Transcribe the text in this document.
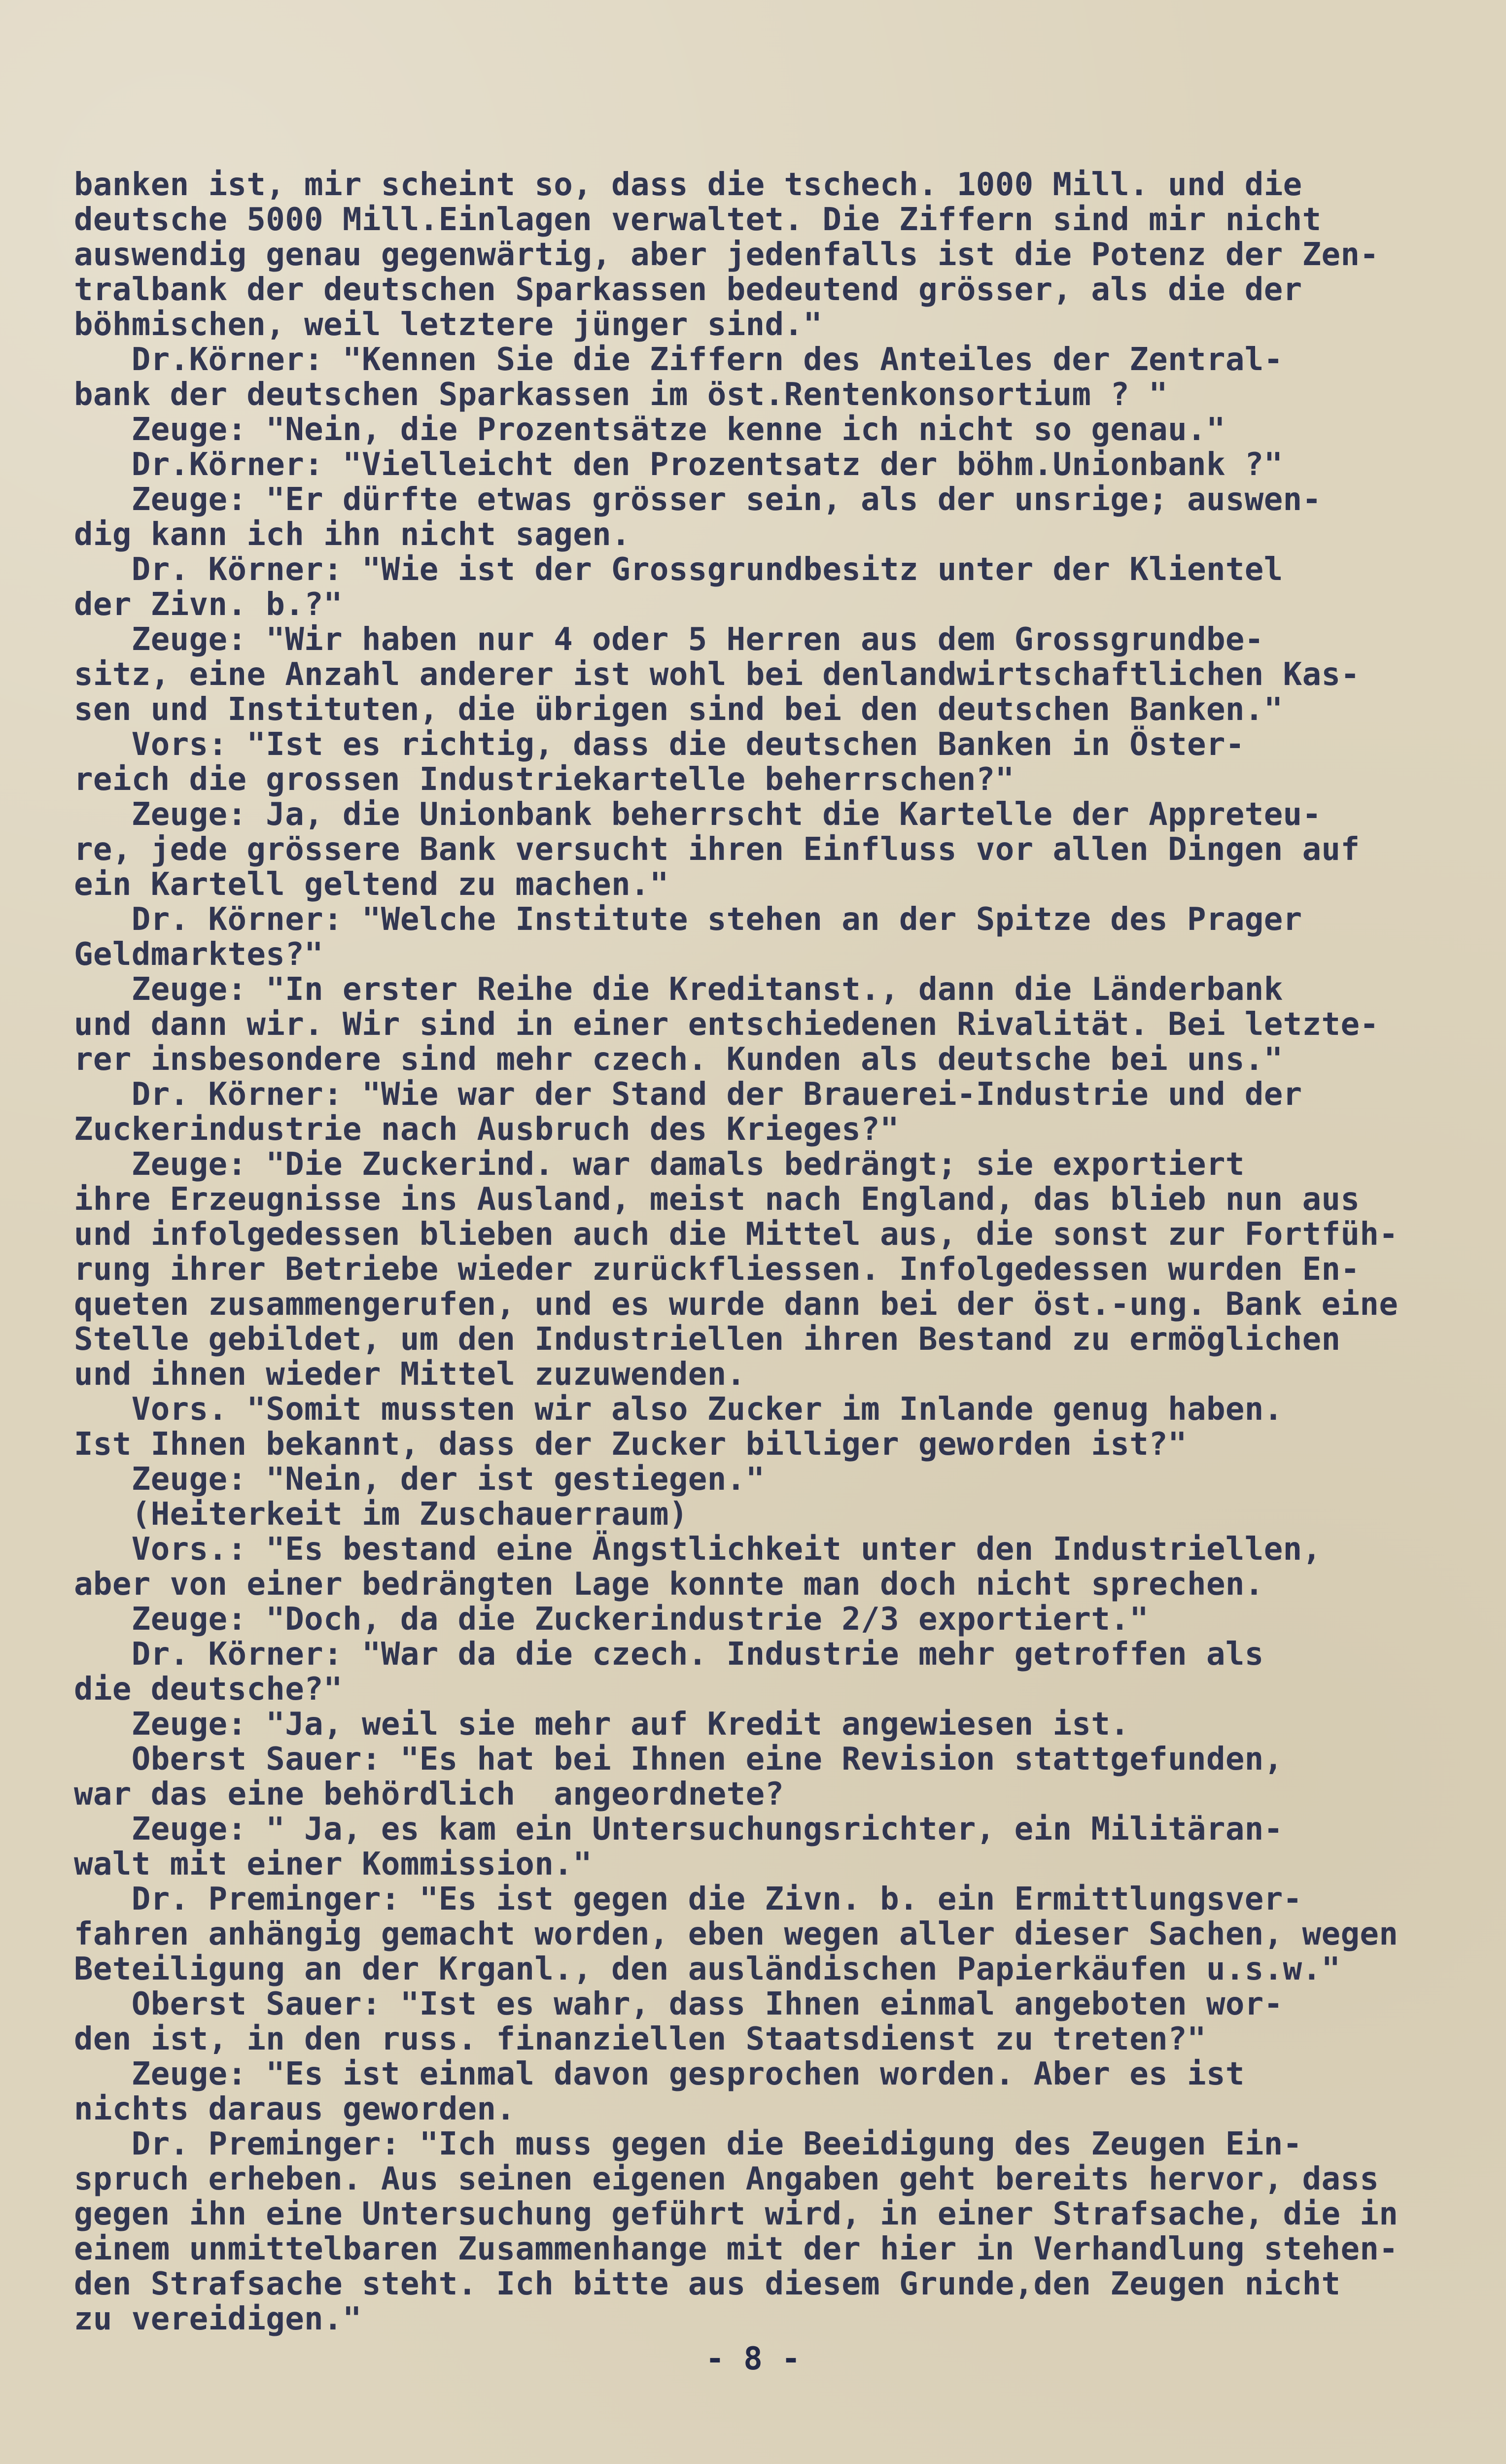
banken ist, mir scheint so, dass die tschech. 1000 Mill. und die
deutsche 5000 Mill.Einlagen verwaltet. Die Ziffern sind mir nicht
auswendig genau gegenwärtig, aber jedenfalls ist die Potenz der Zen-
tralbank der deutschen Sparkassen bedeutend grösser, als die der
böhmischen, weil letztere jünger sind."
Dr.Körner: "Kennen Sie die Ziffern des Anteiles der Zentral-
bank der deutschen Sparkassen im öst.Rentenkonsortium ? "
Zeuge: "Nein, die Prozentsätze kenne ich nicht so genau."
Dr.Körner: "Vielleicht den Prozentsatz der böhm.Unionbank ?"
Zeuge: "Er dürfte etwas grösser sein, als der unsrige; auswen-
dig kann ich ihn nicht sagen.
Dr. Körner: "Wie ist der Grossgrundbesitz unter der Klientel
der Zivn. b.?"
Zeuge: "Wir haben nur 4 oder 5 Herren aus dem Grossgrundbe-
sitz, eine Anzahl anderer ist wohl bei denlandwirtschaftlichen Kas-
sen und Instituten, die übrigen sind bei den deutschen Banken."
Vors: "Ist es richtig, dass die deutschen Banken in Öster-
reich die grossen Industriekartelle beherrschen?"
Zeuge: Ja, die Unionbank beherrscht die Kartelle der Appreteu-
re, jede grössere Bank versucht ihren Einfluss vor allen Dingen auf
ein Kartell geltend zu machen."
Dr. Körner: "Welche Institute stehen an der Spitze des Prager
Geldmarktes?"
Zeuge: "In erster Reihe die Kreditanst., dann die Länderbank
und dann wir. Wir sind in einer entschiedenen Rivalität. Bei letzte-
rer insbesondere sind mehr czech. Kunden als deutsche bei uns."
Dr. Körner: "Wie war der Stand der Brauerei-Industrie und der
Zuckerindustrie nach Ausbruch des Krieges?"
Zeuge: "Die Zuckerind. war damals bedrängt; sie exportiert
ihre Erzeugnisse ins Ausland, meist nach England, das blieb nun aus
und infolgedessen blieben auch die Mittel aus, die sonst zur Fortfüh-
rung ihrer Betriebe wieder zurückfliessen. Infolgedessen wurden En-
queten zusammengerufen, und es wurde dann bei der öst.-ung. Bank eine
Stelle gebildet, um den Industriellen ihren Bestand zu ermöglichen
und ihnen wieder Mittel zuzuwenden.
Vors. "Somit mussten wir also Zucker im Inlande genug haben.
Ist Ihnen bekannt, dass der Zucker billiger geworden ist?"
Zeuge: "Nein, der ist gestiegen."
(Heiterkeit im Zuschauerraum)
Vors.: "Es bestand eine Ängstlichkeit unter den Industriellen,
aber von einer bedrängten Lage konnte man doch nicht sprechen.
Zeuge: "Doch, da die Zuckerindustrie 2/3 exportiert."
Dr. Körner: "War da die czech. Industrie mehr getroffen als
die deutsche?"
Zeuge: "Ja, weil sie mehr auf Kredit angewiesen ist.
Oberst Sauer: "Es hat bei Ihnen eine Revision stattgefunden,
war das eine behördlich  angeordnete?
Zeuge: " Ja, es kam ein Untersuchungsrichter, ein Militäran-
walt mit einer Kommission."
Dr. Preminger: "Es ist gegen die Zivn. b. ein Ermittlungsver-
fahren anhängig gemacht worden, eben wegen aller dieser Sachen, wegen
Beteiligung an der Krganl., den ausländischen Papierkäufen u.s.w."
Oberst Sauer: "Ist es wahr, dass Ihnen einmal angeboten wor-
den ist, in den russ. finanziellen Staatsdienst zu treten?"
Zeuge: "Es ist einmal davon gesprochen worden. Aber es ist
nichts daraus geworden.
Dr. Preminger: "Ich muss gegen die Beeidigung des Zeugen Ein-
spruch erheben. Aus seinen eigenen Angaben geht bereits hervor, dass
gegen ihn eine Untersuchung geführt wird, in einer Strafsache, die in
einem unmittelbaren Zusammenhange mit der hier in Verhandlung stehen-
den Strafsache steht. Ich bitte aus diesem Grunde,den Zeugen nicht
zu vereidigen."
- 8 -
